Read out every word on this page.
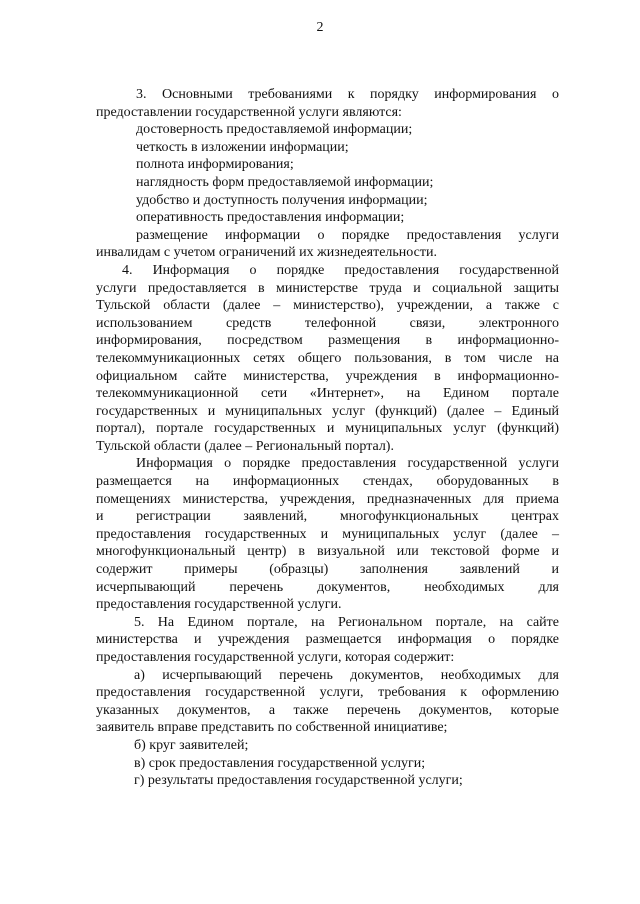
2

3. Основными требованиями к порядку информирования о

предоставлении государственной услуги являются:

достоверность предоставляемой информации;

четкость в изложении информации;

полнота информирования;

наглядность форм предоставляемой информации;

удобство и доступность получения информации;

оперативность предоставления информации;

размещение информации о порядке предоставления услуги

инвалидам с учетом ограничений их жизнедеятельности.

4. Информация о порядке предоставления государственной

услуги предоставляется в министерстве труда и социальной защиты

Тульской области (далее – министерство), учреждении, а также с

использованием средств телефонной связи, электронного

информирования, посредством размещения в информационно-

телекоммуникационных сетях общего пользования, в том числе на

официальном сайте министерства, учреждения в информационно-

телекоммуникационной сети «Интернет», на Едином портале

государственных и муниципальных услуг (функций) (далее – Единый

портал), портале государственных и муниципальных услуг (функций)

Тульской области (далее – Региональный портал).

Информация о порядке предоставления государственной услуги

размещается на информационных стендах, оборудованных в

помещениях министерства, учреждения, предназначенных для приема

и регистрации заявлений, многофункциональных центрах

предоставления государственных и муниципальных услуг (далее –

многофункциональный центр) в визуальной или текстовой форме и

содержит примеры (образцы) заполнения заявлений и

исчерпывающий перечень документов, необходимых для

предоставления государственной услуги.

5. На Едином портале, на Региональном портале, на сайте

министерства и учреждения размещается информация о порядке

предоставления государственной услуги, которая содержит:

а) исчерпывающий перечень документов, необходимых для

предоставления государственной услуги, требования к оформлению

указанных документов, а также перечень документов, которые

заявитель вправе представить по собственной инициативе;

б) круг заявителей;

в) срок предоставления государственной услуги;

г) результаты предоставления государственной услуги;
